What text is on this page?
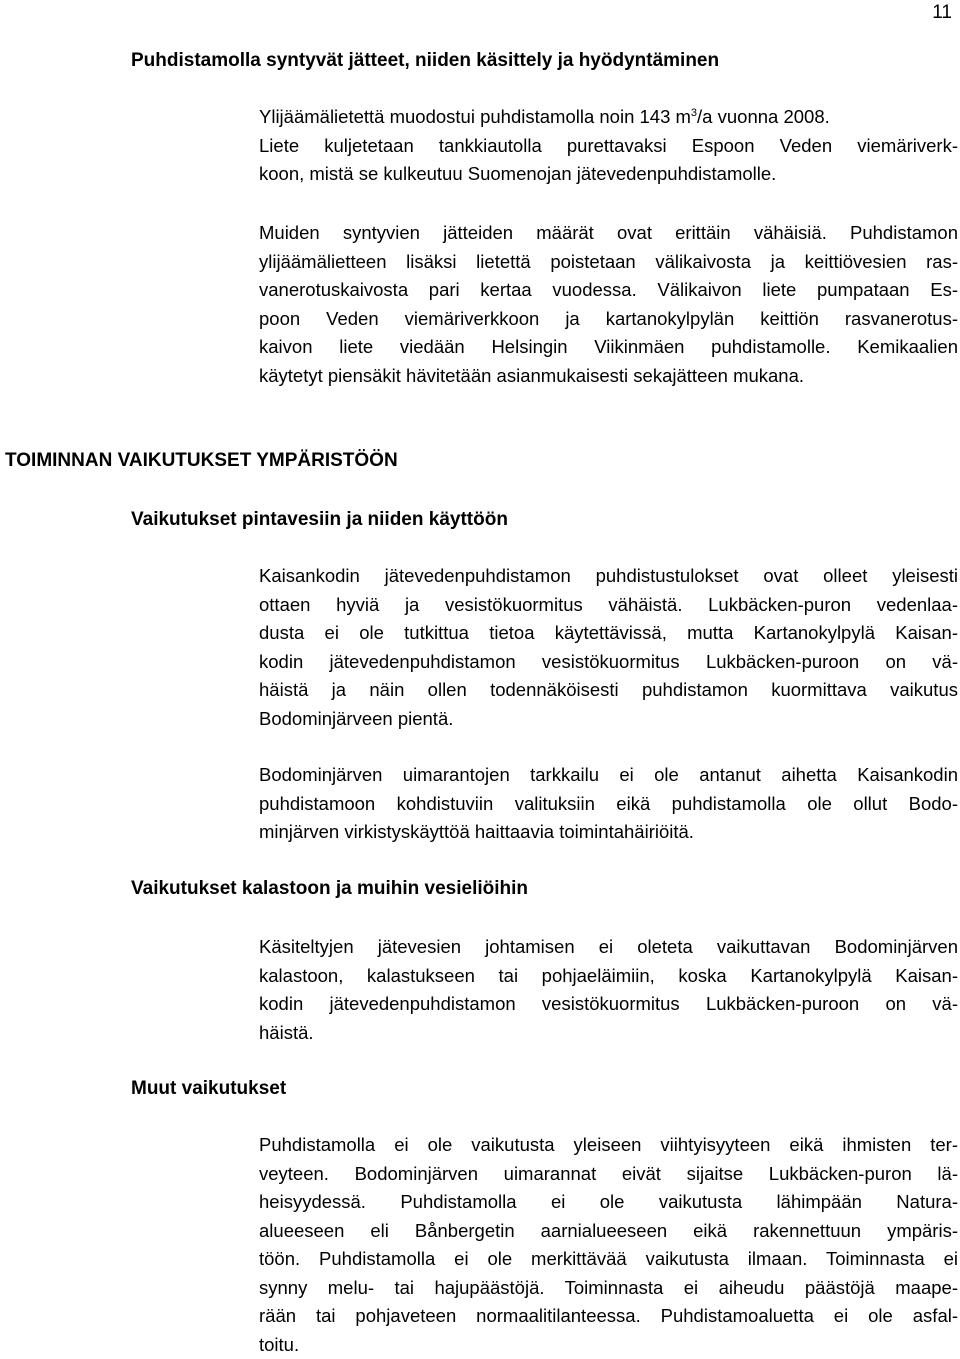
11
Puhdistamolla syntyvät jätteet, niiden käsittely ja hyödyntäminen
Ylijäämälietettä muodostui puhdistamolla noin 143 $m^3/a$ vuonna 2008.
Liete kuljetetaan tankkiautolla purettavaksi Espoon Veden viemäriverk-
koon, mistä se kulkeutuu Suomenojan jätevedenpuhdistamolle.
Muiden syntyvien jätteiden määrät ovat erittäin vähäisiä. Puhdistamon
ylijäämälietteen lisäksi lietettä poistetaan välikaivosta ja keittiövesien ras-
vanerotuskaivosta pari kertaa vuodessa. Välikaivon liete pumpataan Es-
poon Veden viemäriverkkoon ja kartanokylpylän keittiön rasvanerotus-
kaivon liete viedään Helsingin Viikinmäen puhdistamolle. Kemikaalien
käytetyt piensäkit hävitetään asianmukaisesti sekajätteen mukana.
TOIMINNAN VAIKUTUKSET YMPÄRISTÖÖN
Vaikutukset pintavesiin ja niiden käyttöön
Kaisankodin jätevedenpuhdistamon puhdistustulokset ovat olleet yleisesti
ottaen hyviä ja vesistökuormitus vähäistä. Lukbäcken-puron vedenlaa-
dusta ei ole tutkittua tietoa käytettävissä, mutta Kartanokylpylä Kaisan-
kodin jätevedenpuhdistamon vesistökuormitus Lukbäcken-puroon on vä-
häistä ja näin ollen todennäköisesti puhdistamon kuormittava vaikutus
Bodominjärveen pientä.
Bodominjärven uimarantojen tarkkailu ei ole antanut aihetta Kaisankodin
puhdistamoon kohdistuviin valituksiin eikä puhdistamolla ole ollut Bodo-
minjärven virkistyskäyttöä haittaavia toimintahäiriöitä.
Vaikutukset kalastoon ja muihin vesieliöihin
Käsiteltyjen jätevesien johtamisen ei oleteta vaikuttavan Bodominjärven
kalastoon, kalastukseen tai pohjaeläimiin, koska Kartanokylpylä Kaisan-
kodin jätevedenpuhdistamon vesistökuormitus Lukbäcken-puroon on vä-
häistä.
Muut vaikutukset
Puhdistamolla ei ole vaikutusta yleiseen viihtyisyyteen eikä ihmisten ter-
veyteen. Bodominjärven uimarannat eivät sijaitse Lukbäcken-puron lä-
heisyydessä. Puhdistamolla ei ole vaikutusta lähimpään Natura-
alueeseen eli Bånbergetin aarnialueeseen eikä rakennettuun ympäris-
töön. Puhdistamolla ei ole merkittävää vaikutusta ilmaan. Toiminnasta ei
synny melu- tai hajupäästöjä. Toiminnasta ei aiheudu päästöjä maape-
rään tai pohjaveteen normaalitilanteessa. Puhdistamoaluetta ei ole asfal-
toitu.
